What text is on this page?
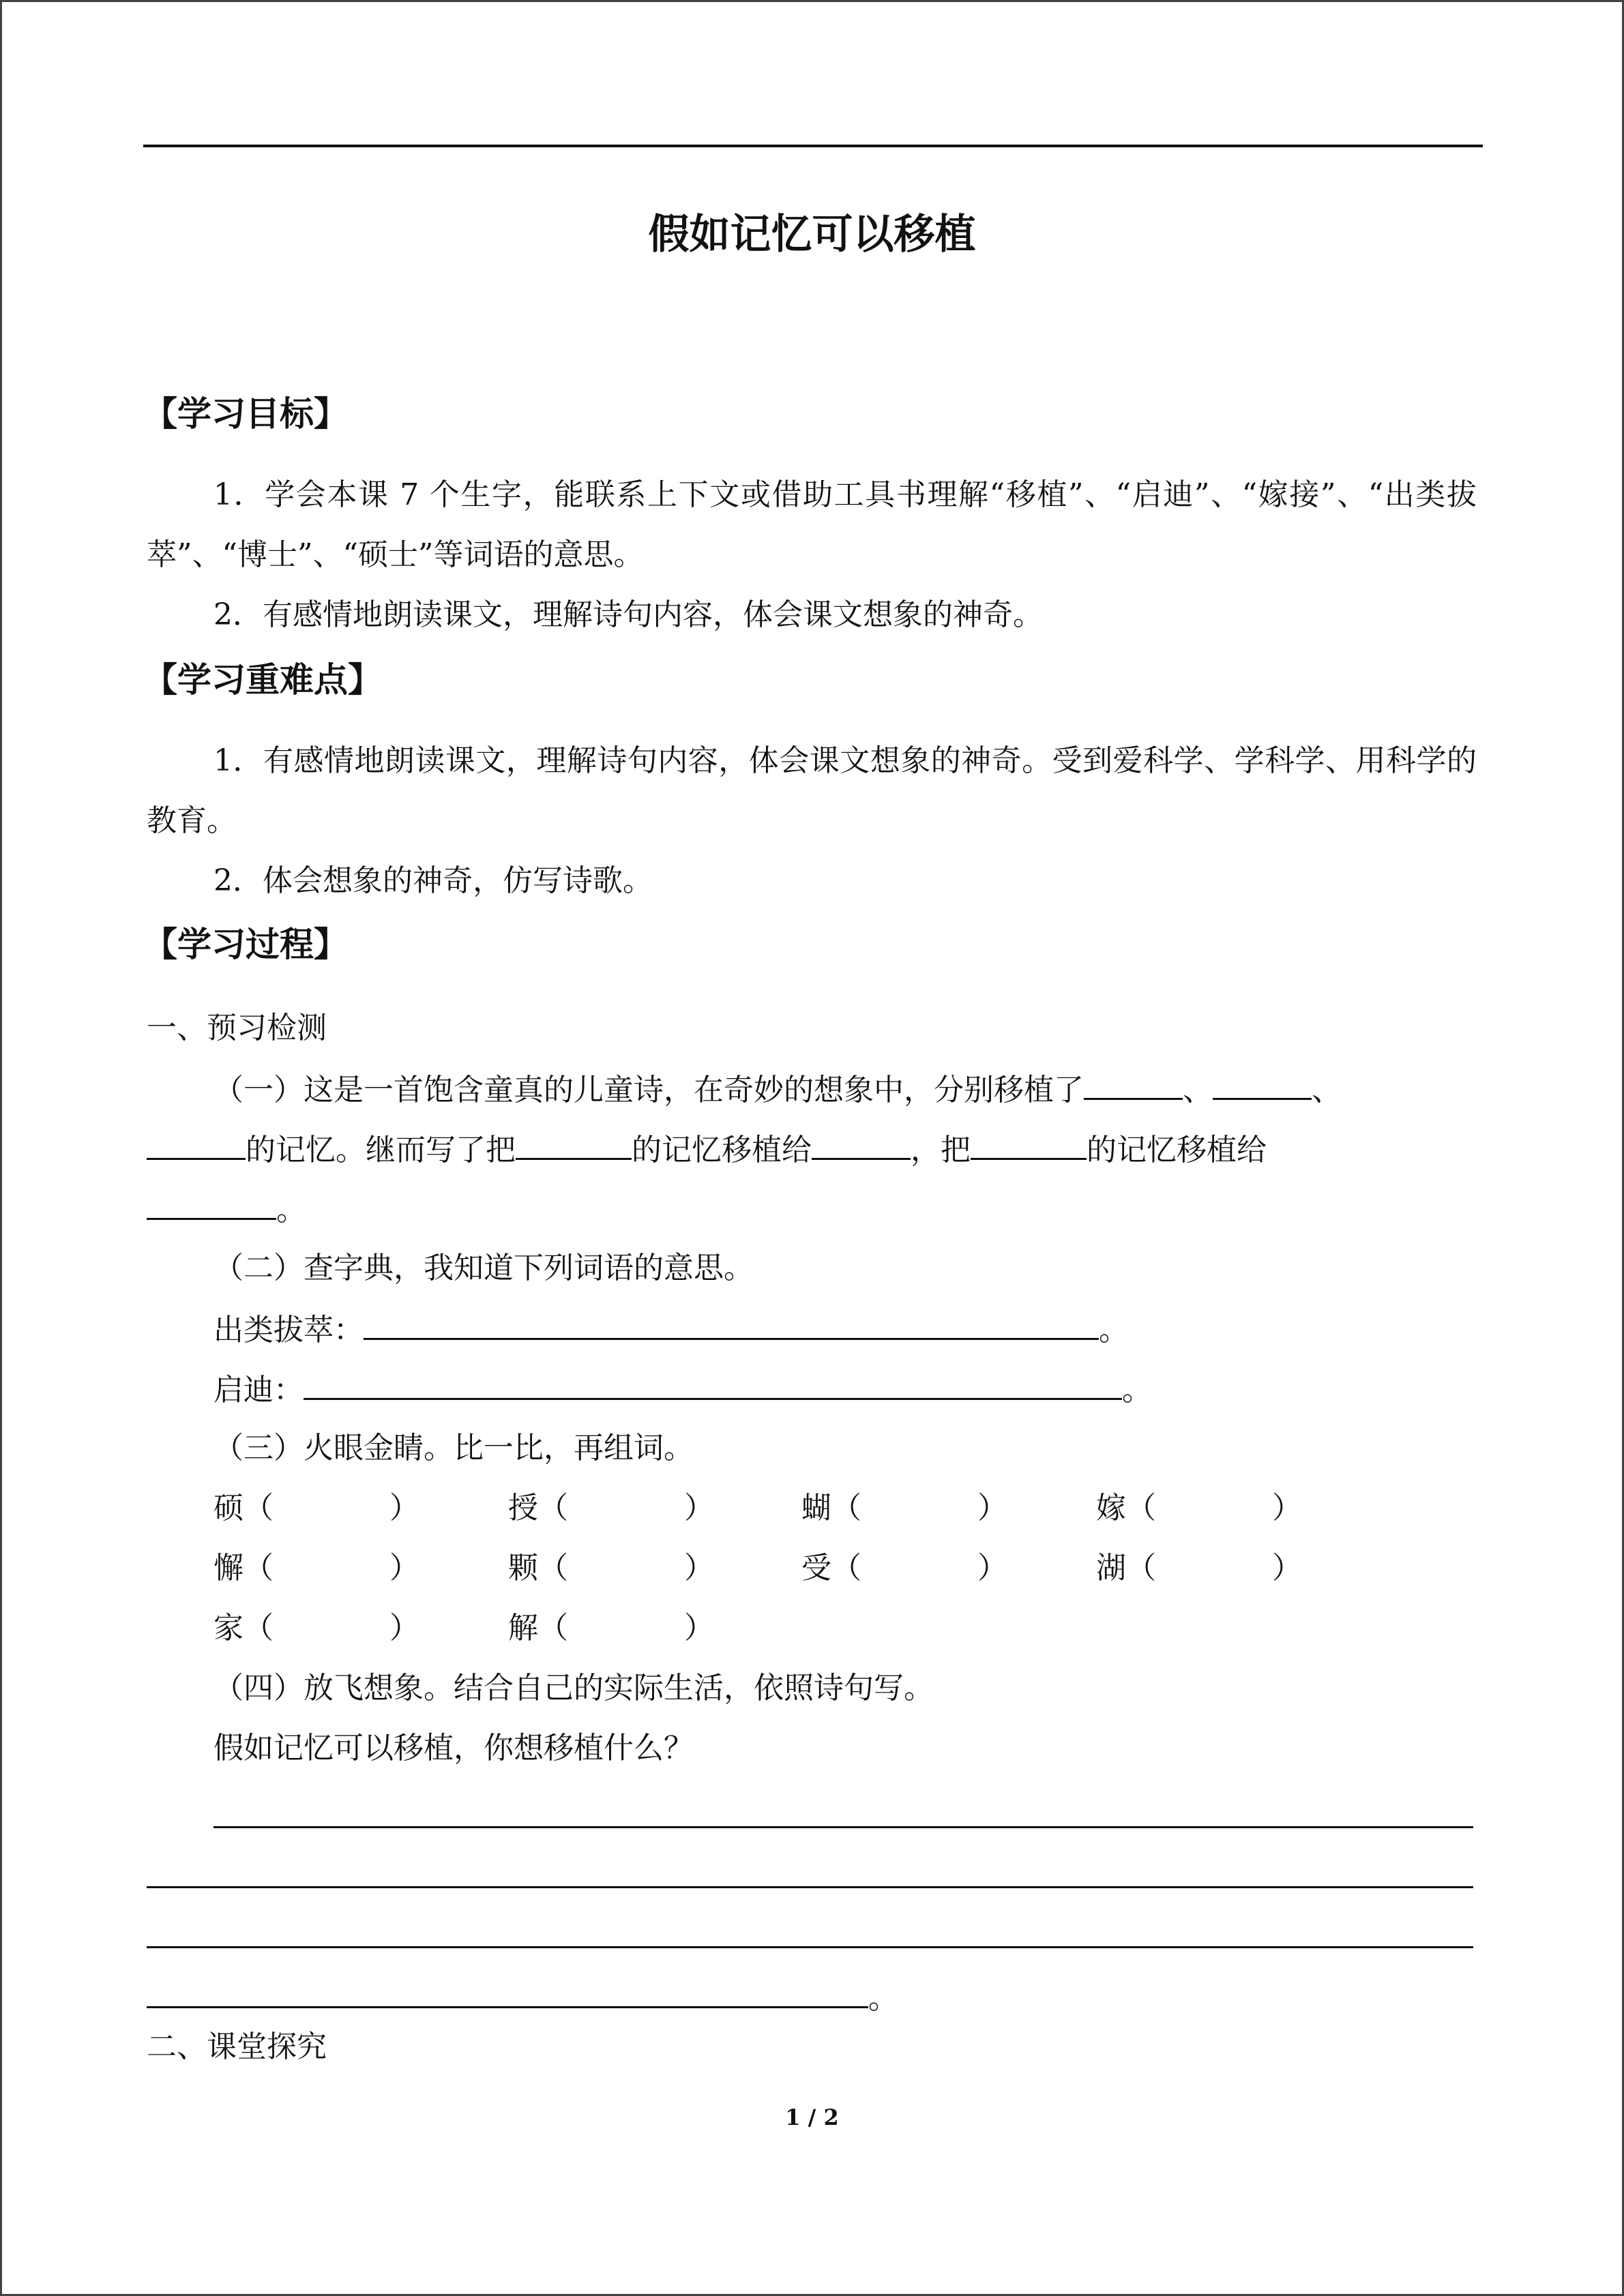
假如记忆可以移植
【学习目标】
1．学会本课 7 个生字，能联系上下文或借助工具书理解“移植”、“启迪”、“嫁接”、“出类拔萃”、“博士”、“硕士”等词语的意思。
2．有感情地朗读课文，理解诗句内容，体会课文想象的神奇。
【学习重难点】
1．有感情地朗读课文，理解诗句内容，体会课文想象的神奇。受到爱科学、学科学、用科学的教育。
2．体会想象的神奇，仿写诗歌。
【学习过程】
一、预习检测
（一）这是一首饱含童真的儿童诗，在奇妙的想象中，分别移植了	、	、
的记忆。继而写了把	的记忆移植给	，把	的记忆移植给
。
（二）查字典，我知道下列词语的意思。
出类拔萃：	。
启迪：	。
（三）火眼金睛。比一比，再组词。
硕（	）	授（	）	蝴（	）	嫁（	）
懈（	）	颗（	）	受（	）	湖（	）
家（	）	解（	）
（四）放飞想象。结合自己的实际生活，依照诗句写。
假如记忆可以移植，你想移植什么？
。
二、课堂探究
1 / 2
